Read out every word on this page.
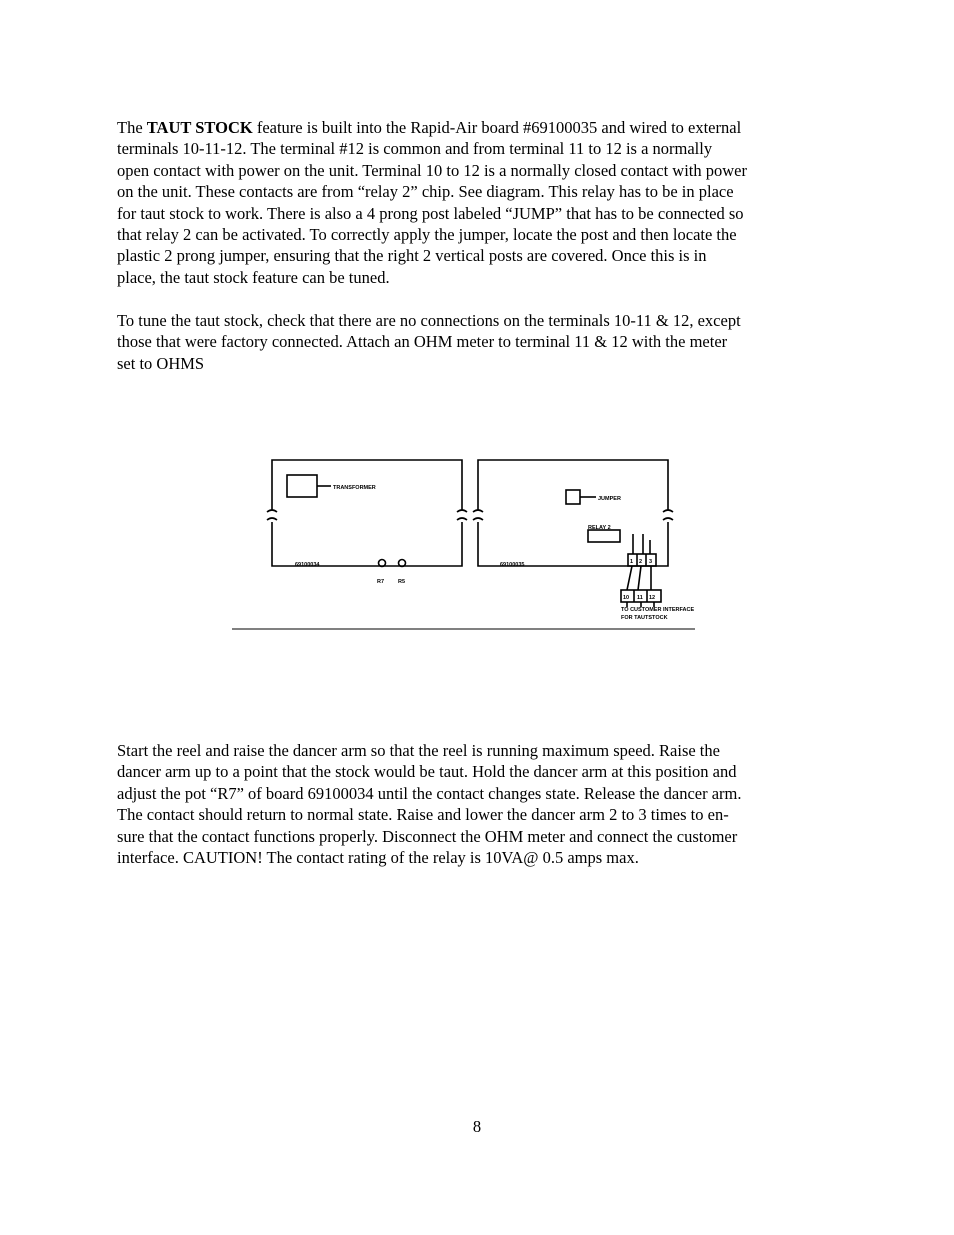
The TAUT STOCK feature is built into the Rapid-Air board #69100035 and wired to external
terminals 10-11-12. The terminal #12 is common and from terminal 11 to 12 is a normally
open contact with power on the unit. Terminal 10 to 12 is a normally closed contact with power
on the unit. These contacts are from “relay 2” chip. See diagram. This relay has to be in place
for taut stock to work. There is also a 4 prong post labeled “JUMP” that has to be connected so
that relay 2 can be activated. To correctly apply the jumper, locate the post and then locate the
plastic 2 prong jumper, ensuring that the right 2 vertical posts are covered. Once this is in
place, the taut stock feature can be tuned.

To tune the taut stock, check that there are no connections on the terminals 10-11 & 12, except
those that were factory connected. Attach an OHM meter to terminal 11 & 12 with the meter
set to OHMS

TRANSFORMER
69100034
R7	R5
JUMPER
RELAY 2
69100035	1 2 3
10 11 12
TO CUSTOMER INTERFACE
FOR TAUTSTOCK

Start the reel and raise the dancer arm so that the reel is running maximum speed. Raise the
dancer arm up to a point that the stock would be taut. Hold the dancer arm at this position and
adjust the pot “R7” of board 69100034 until the contact changes state. Release the dancer arm.
The contact should return to normal state. Raise and lower the dancer arm 2 to 3 times to en-
sure that the contact functions properly. Disconnect the OHM meter and connect the customer
interface. CAUTION! The contact rating of the relay is 10VA@ 0.5 amps max.

8
